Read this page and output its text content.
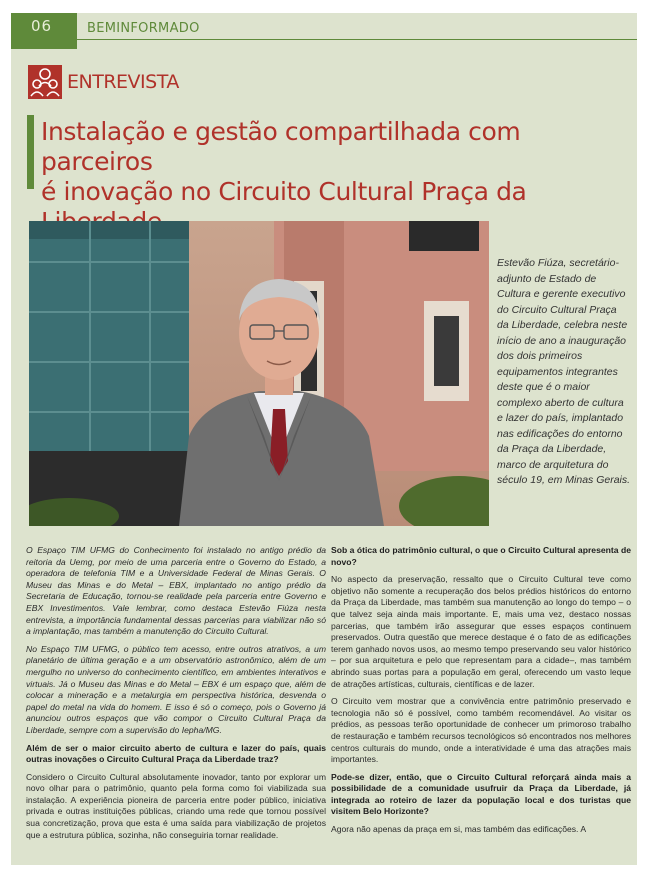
06	BEMINFORMADO
ENTREVISTA
Instalação e gestão compartilhada com parceiros
é inovação no Circuito Cultural Praça da
Estevão Fiúza, secretário-adjunto de Estado de Cultura e gerente executivo do Circuito Cultural Praça da Liberdade, celebra neste início de ano a inauguração dos dois primeiros equipamentos integrantes deste que é o maior complexo aberto de cultura e lazer do país, implantado nas edificações do entorno da Praça da Liberdade, marco de arquitetura do século 19, em Minas Gerais.

O Espaço TIM UFMG do Conhecimento foi instalado no antigo prédio da reitoria da Uemg, por meio de uma parceria entre o Governo do Estado, a operadora de telefonia TIM e a Universidade Federal de Minas Gerais. O Museu das Minas e do Metal – EBX, implantado no antigo prédio da Secretaria de Educação, tornou-se realidade pela parceria entre Governo e EBX Investimentos. Vale lembrar, como destaca Estevão Fiúza nesta entrevista, a importância fundamental dessas parcerias para viabilizar não só a implantação, mas também a manutenção do Circuito Cultural.

No Espaço TIM UFMG, o público tem acesso, entre outros atrativos, a um planetário de última geração e a um observatório astronômico, além de um mergulho no universo do conhecimento científico, em ambientes interativos e virtuais. Já o Museu das Minas e do Metal – EBX é um espaço que, além de colocar a mineração e a metalurgia em perspectiva histórica, desvenda o papel do metal na vida do homem. E isso é só o começo, pois o Governo já anunciou outros espaços que vão compor o Circuito Cultural Praça da Liberdade, sempre com a supervisão do Iepha/MG.

Além de ser o maior circuito aberto de cultura e lazer do país, quais outras inovações o Circuito Cultural Praça da Liberdade traz?

Considero o Circuito Cultural absolutamente inovador, tanto por explorar um novo olhar para o patrimônio, quanto pela forma como foi viabilizada sua instalação. A experiência pioneira de parceria entre poder público, iniciativa privada e outras instituições públicas, criando uma rede que tornou possível sua concretização, prova que esta é uma saída para viabilização de projetos que a estrutura pública, sozinha, não conseguiria tornar realidade.

Sob a ótica do patrimônio cultural, o que o Circuito Cultural apresenta de novo?

No aspecto da preservação, ressalto que o Circuito Cultural teve como objetivo não somente a recuperação dos belos prédios históricos do entorno da Praça da Liberdade, mas também sua manutenção ao longo do tempo – o que talvez seja ainda mais importante. E, mais uma vez, destaco nossas parcerias, que também irão assegurar que esses espaços continuem preservados. Outra questão que merece destaque é o fato de as edificações terem ganhado novos usos, ao mesmo tempo preservando seu valor histórico – por sua arquitetura e pelo que representam para a cidade–, mas também abrindo suas portas para a população em geral, oferecendo um vasto leque de atrações artísticas, culturais, científicas e de lazer.

O Circuito vem mostrar que a convivência entre patrimônio preservado e tecnologia não só é possível, como também recomendável. Ao visitar os prédios, as pessoas terão oportunidade de conhecer um primoroso trabalho de restauração e também recursos tecnológicos só encontrados nos melhores centros culturais do mundo, onde a interatividade é uma das atrações mais importantes.

Pode-se dizer, então, que o Circuito Cultural reforçará ainda mais a possibilidade de a comunidade usufruir da Praça da Liberdade, já integrada ao roteiro de lazer da população local e dos turistas que visitem Belo Horizonte?

Agora não apenas da praça em si, mas também das edificações. A
